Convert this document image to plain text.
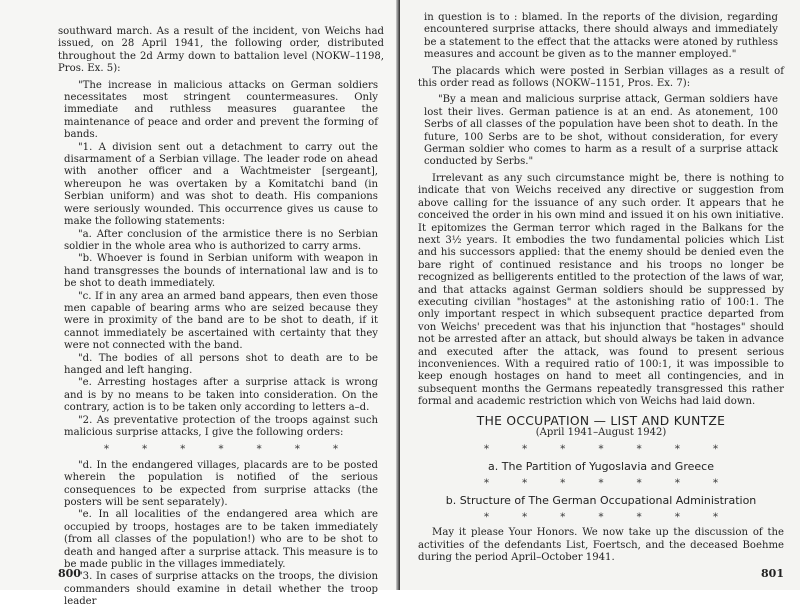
southward march. As a result of the incident, von Weichs had issued, on 28 April 1941, the following order, distributed throughout the 2d Army down to battalion level (NOKW–1198, Pros. Ex. 5):

"The increase in malicious attacks on German soldiers necessitates most stringent countermeasures. Only immediate and ruthless measures guarantee the maintenance of peace and order and prevent the forming of bands.

"1. A division sent out a detachment to carry out the disarmament of a Serbian village. The leader rode on ahead with another officer and a Wachtmeister [sergeant], whereupon he was overtaken by a Komitatchi band (in Serbian uniform) and was shot to death. His companions were seriously wounded. This occurrence gives us cause to make the following statements:

"a. After conclusion of the armistice there is no Serbian soldier in the whole area who is authorized to carry arms.

"b. Whoever is found in Serbian uniform with weapon in hand transgresses the bounds of international law and is to be shot to death immediately.

"c. If in any area an armed band appears, then even those men capable of bearing arms who are seized because they were in proximity of the band are to be shot to death, if it cannot immediately be ascertained with certainty that they were not connected with the band.

"d. The bodies of all persons shot to death are to be hanged and left hanging.

"e. Arresting hostages after a surprise attack is wrong and is by no means to be taken into consideration. On the contrary, action is to be taken only according to letters a–d.

"2. As preventative protection of the troops against such malicious surprise attacks, I give the following orders:

* * * * * * *

"d. In the endangered villages, placards are to be posted wherein the population is notified of the serious consequences to be expected from surprise attacks (the posters will be sent separately).

"e. In all localities of the endangered area which are occupied by troops, hostages are to be taken immediately (from all classes of the population!) who are to be shot to death and hanged after a surprise attack. This measure is to be made public in the villages immediately.

"3. In cases of surprise attacks on the troops, the division commanders should examine in detail whether the troop leader

800

in question is to : blamed. In the reports of the division, regarding encountered surprise attacks, there should always and immediately be a statement to the effect that the attacks were atoned by ruthless measures and account be given as to the manner employed."

The placards which were posted in Serbian villages as a result of this order read as follows (NOKW–1151, Pros. Ex. 7):

"By a mean and malicious surprise attack, German soldiers have lost their lives. German patience is at an end. As atonement, 100 Serbs of all classes of the population have been shot to death. In the future, 100 Serbs are to be shot, without consideration, for every German soldier who comes to harm as a result of a surprise attack conducted by Serbs."

Irrelevant as any such circumstance might be, there is nothing to indicate that von Weichs received any directive or suggestion from above calling for the issuance of any such order. It appears that he conceived the order in his own mind and issued it on his own initiative. It epitomizes the German terror which raged in the Balkans for the next 3½ years. It embodies the two fundamental policies which List and his successors applied: that the enemy should be denied even the bare right of continued resistance and his troops no longer be recognized as belligerents entitled to the protection of the laws of war, and that attacks against German soldiers should be suppressed by executing civilian "hostages" at the astonishing ratio of 100:1. The only important respect in which subsequent practice departed from von Weichs' precedent was that his injunction that "hostages" should not be arrested after an attack, but should always be taken in advance and executed after the attack, was found to present serious inconveniences. With a required ratio of 100:1, it was impossible to keep enough hostages on hand to meet all contingencies, and in subsequent months the Germans repeatedly transgressed this rather formal and academic restriction which von Weichs had laid down.

THE OCCUPATION — LIST AND KUNTZE
(April 1941–August 1942)
* * * * * * *
a. The Partition of Yugoslavia and Greece
* * * * * * *
b. Structure of The German Occupational Administration
* * * * * * *

May it please Your Honors. We now take up the discussion of the activities of the defendants List, Foertsch, and the deceased Boehme during the period April–October 1941.

801
